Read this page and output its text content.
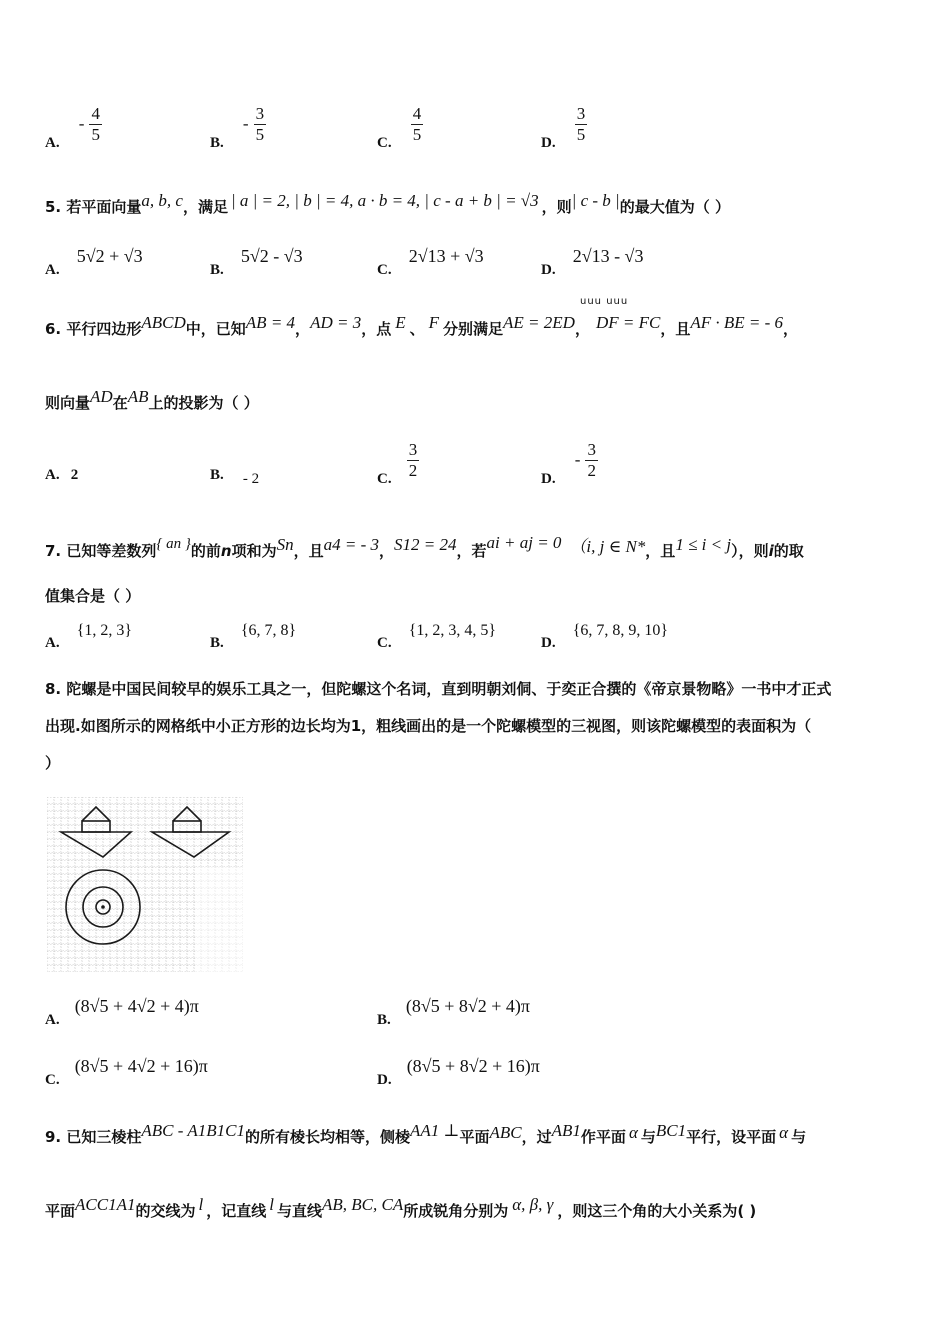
A. - $\frac{4}{5}$	B. - $\frac{3}{5}$	C. $\frac{4}{5}$	D. $\frac{3}{5}$
5. 若平面向量a, b, c，满足 | a | = 2, | b | = 4, a · b = 4, | c - a + b | = √3 ，则| c - b |的最大值为（ ）
A. 5√2 + √3
B. 5√2 - √3
C. 2√13 + √3
D. 2√13 - √3
uuu uuu
6. 平行四边形ABCD中，已知AB = 4，AD = 3，点 E 、 F 分别满足AE = 2ED， DF = FC，且AF · BE = - 6，
则向量AD在AB上的投影为（ ）
A. 2	B. - 2	C. $\frac{3}{2}$	D. - $\frac{3}{2}$
7. 已知等差数列{ an }的前n项和为Sn，且a4 = - 3，S12 = 24，若ai + aj = 0 （i, j ∈ N*，且1 ≤ i < j），则i的取
值集合是（ ）
A. {1, 2, 3}
B. {6, 7, 8}
C. {1, 2, 3, 4, 5}
D. {6, 7, 8, 9, 10}
8. 陀螺是中国民间较早的娱乐工具之一，但陀螺这个名词，直到明朝刘侗、于奕正合撰的《帝京景物略》一书中才正式
出现.如图所示的网格纸中小正方形的边长均为1，粗线画出的是一个陀螺模型的三视图，则该陀螺模型的表面积为（
）
A. (8√5 + 4√2 + 4)π
B. (8√5 + 8√2 + 4)π
C. (8√5 + 4√2 + 16)π
D. (8√5 + 8√2 + 16)π
9. 已知三棱柱ABC - A1B1C1的所有棱长均相等，侧棱AA1 ⊥平面ABC，过AB1作平面 α 与BC1平行，设平面 α 与
平面ACC1A1的交线为 l ，记直线 l 与直线AB, BC, CA所成锐角分别为 α, β, γ ，则这三个角的大小关系为( )
